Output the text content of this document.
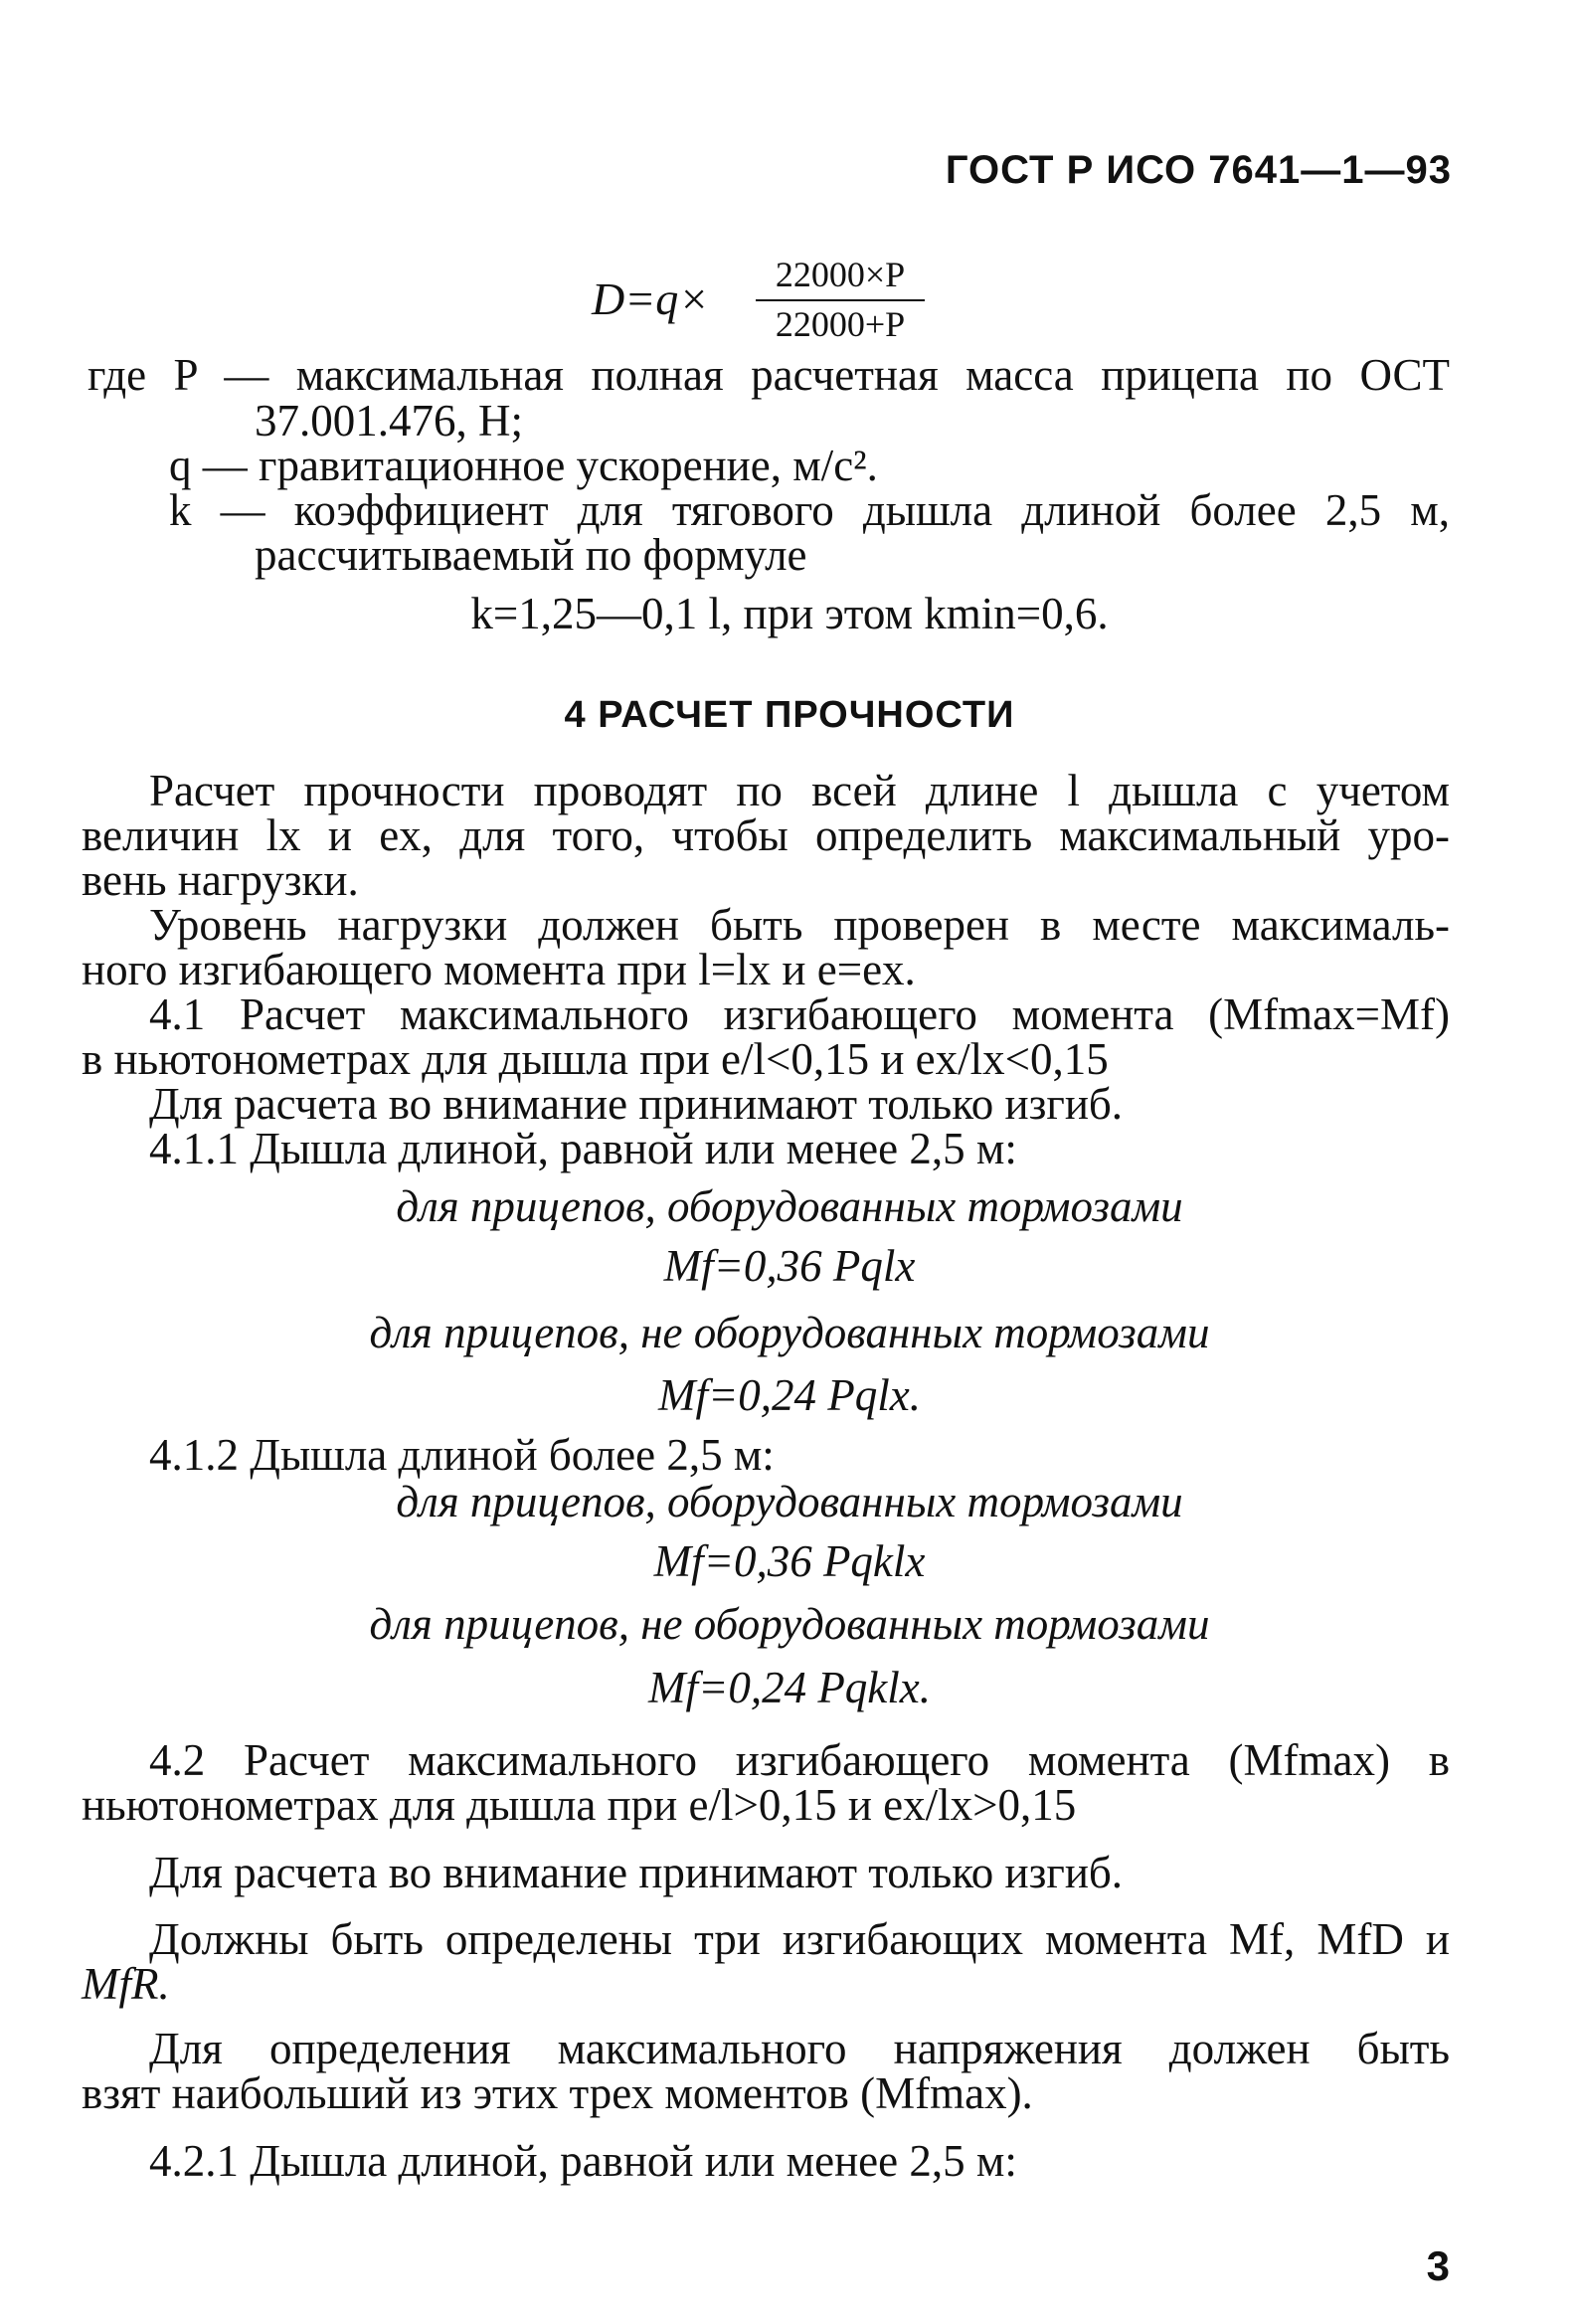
ГОСТ Р ИСО 7641—1—93
$D=q\times \frac{22000\times P}{22000+P}$
где P — максимальная полная расчетная масса прицепа по ОСТ
37.001.476, Н;
q — гравитационное ускорение, м/с².
k — коэффициент для тягового дышла длиной более 2,5 м,
рассчитываемый по формуле
k=1,25—0,1 l, при этом kmin=0,6.
4 РАСЧЕТ ПРОЧНОСТИ
Расчет прочности проводят по всей длине l дышла с учетом
величин lx и ex, для того, чтобы определить максимальный уро-
вень нагрузки.
Уровень нагрузки должен быть проверен в месте максималь-
ного изгибающего момента при l=lx и e=ex.
4.1 Расчет максимального изгибающего момента (Mfmax=Mf)
в ньютонометрах для дышла при e/l<0,15 и ex/lx<0,15
Для расчета во внимание принимают только изгиб.
4.1.1 Дышла длиной, равной или менее 2,5 м:
для прицепов, оборудованных тормозами
Mf=0,36 Pqlx
для прицепов, не оборудованных тормозами
Mf=0,24 Pqlx.
4.1.2 Дышла длиной более 2,5 м:
для прицепов, оборудованных тормозами
Mf=0,36 Pqklx
для прицепов, не оборудованных тормозами
Mf=0,24 Pqklx.
4.2 Расчет максимального изгибающего момента (Mfmax) в
ньютонометрах для дышла при e/l>0,15 и ex/lx>0,15
Для расчета во внимание принимают только изгиб.
Должны быть определены три изгибающих момента Mf, MfD и
MfR.
Для определения максимального напряжения должен быть
взят наибольший из этих трех моментов (Mfmax).
4.2.1 Дышла длиной, равной или менее 2,5 м:
3
